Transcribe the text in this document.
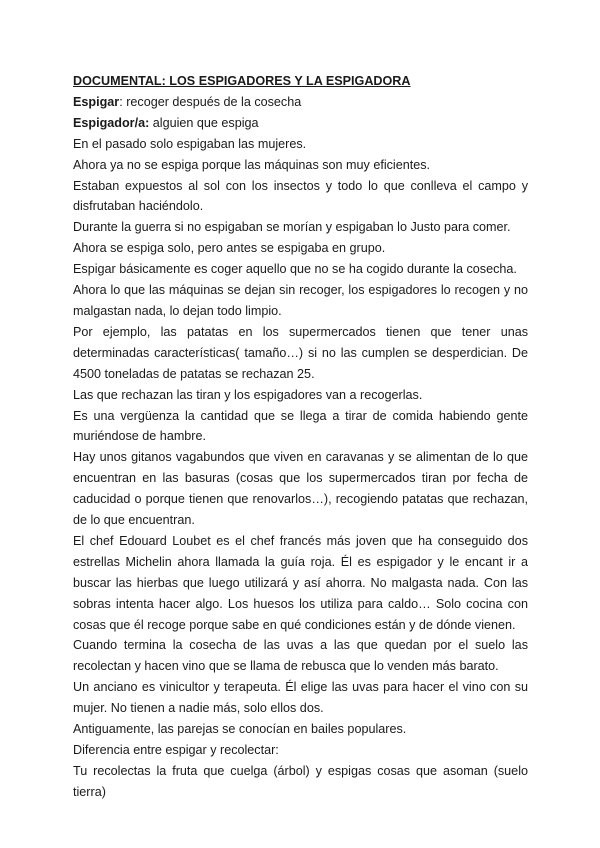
DOCUMENTAL: LOS ESPIGADORES Y LA ESPIGADORA

Espigar: recoger después de la cosecha

Espigador/a: alguien que espiga

En el pasado solo espigaban las mujeres.

Ahora ya no se espiga porque las máquinas son muy eficientes.

Estaban expuestos al sol con los insectos y todo lo que conlleva el campo y disfrutaban haciéndolo.

Durante la guerra si no espigaban se morían y espigaban lo Justo para comer.

Ahora se espiga solo, pero antes se espigaba en grupo.

Espigar básicamente es coger aquello que no se ha cogido durante la cosecha.

Ahora lo que las máquinas se dejan sin recoger, los espigadores lo recogen y no malgastan nada, lo dejan todo limpio.

Por ejemplo, las patatas en los supermercados tienen que tener unas determinadas características( tamaño…) si no las cumplen se desperdician. De 4500 toneladas de patatas se rechazan 25.

Las que rechazan las tiran y los espigadores van a recogerlas.

Es una vergüenza la cantidad que se llega a tirar de comida habiendo gente muriéndose de hambre.

Hay unos gitanos vagabundos que viven en caravanas y se alimentan de lo que encuentran en las basuras (cosas que los supermercados tiran por fecha de caducidad o porque tienen que renovarlos…), recogiendo patatas que rechazan, de lo que encuentran.

El chef Edouard Loubet es el chef francés más joven que ha conseguido dos estrellas Michelin ahora llamada la guía roja. Él es espigador y le encant ir a buscar las hierbas que luego utilizará y así ahorra. No malgasta nada. Con las sobras intenta hacer algo. Los huesos los utiliza para caldo… Solo cocina con cosas que él recoge porque sabe en qué condiciones están y de dónde vienen.

Cuando termina la cosecha de las uvas a las que quedan por el suelo las recolectan y hacen vino que se llama de rebusca que lo venden más barato.

Un anciano es vinicultor y terapeuta. Él elige las uvas para hacer el vino con su mujer. No tienen a nadie más, solo ellos dos.

Antiguamente, las parejas se conocían en bailes populares.

Diferencia entre espigar y recolectar:

Tu recolectas la fruta que cuelga (árbol) y espigas cosas que asoman (suelo tierra)
